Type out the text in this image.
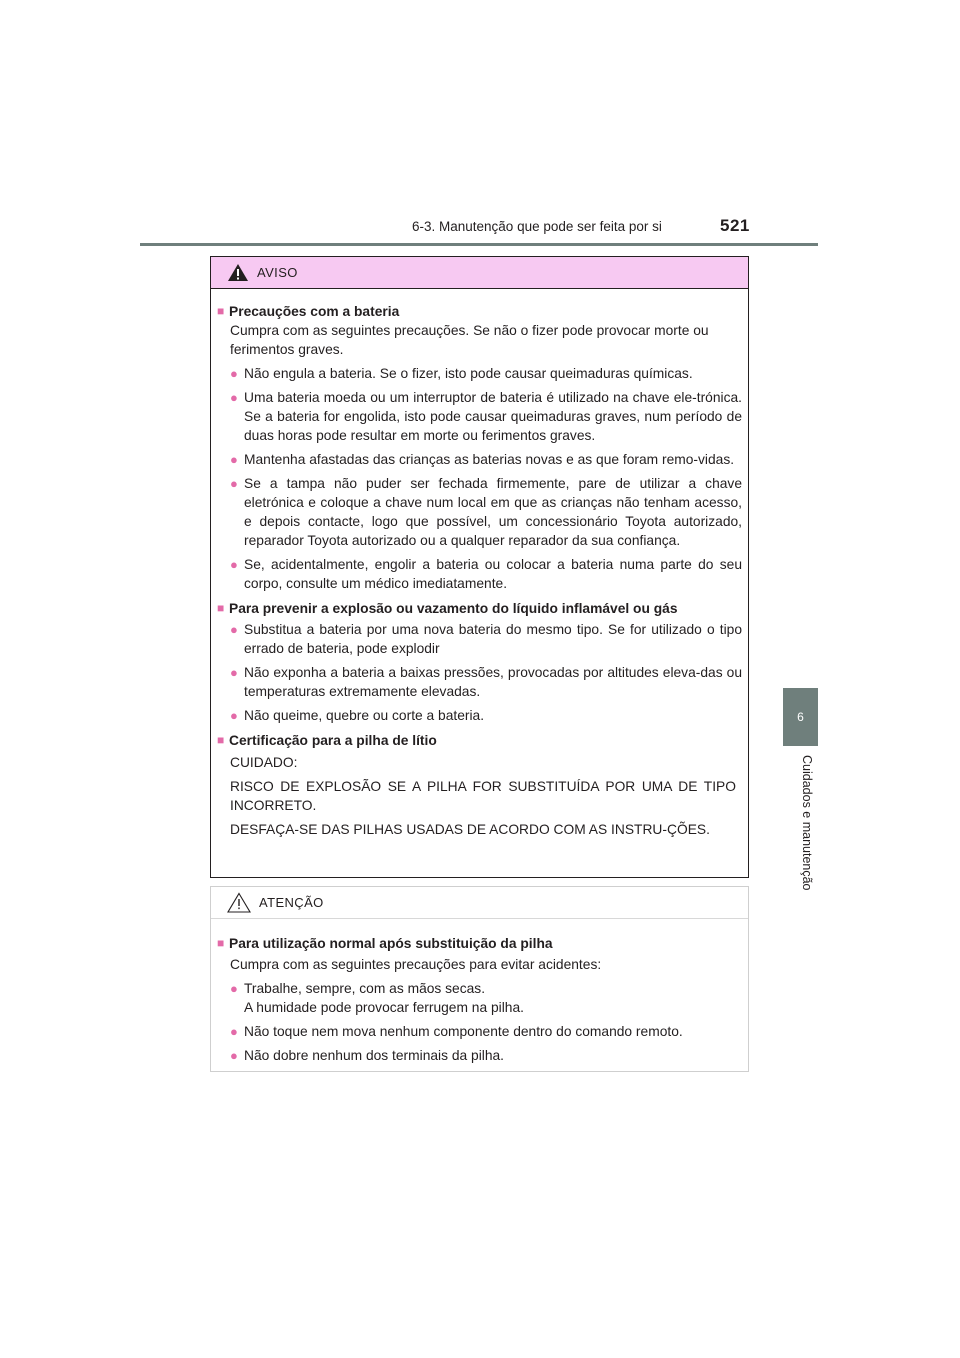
6-3. Manutenção que pode ser feita por si	521
6
Cuidados e manutenção
AVISO
■ Precauções com a bateria
Cumpra com as seguintes precauções. Se não o fizer pode provocar morte ou ferimentos graves.
● Não engula a bateria. Se o fizer, isto pode causar queimaduras químicas.
● Uma bateria moeda ou um interruptor de bateria é utilizado na chave ele-trónica. Se a bateria for engolida, isto pode causar queimaduras graves, num período de duas horas pode resultar em morte ou ferimentos graves.
● Mantenha afastadas das crianças as baterias novas e as que foram remo-vidas.
● Se a tampa não puder ser fechada firmemente, pare de utilizar a chave eletrónica e coloque a chave num local em que as crianças não tenham acesso, e depois contacte, logo que possível, um concessionário Toyota autorizado, reparador Toyota autorizado ou a qualquer reparador da sua confiança.
● Se, acidentalmente, engolir a bateria ou colocar a bateria numa parte do seu corpo, consulte um médico imediatamente.
■ Para prevenir a explosão ou vazamento do líquido inflamável ou gás
● Substitua a bateria por uma nova bateria do mesmo tipo. Se for utilizado o tipo errado de bateria, pode explodir
● Não exponha a bateria a baixas pressões, provocadas por altitudes eleva-das ou temperaturas extremamente elevadas.
● Não queime, quebre ou corte a bateria.
■ Certificação para a pilha de lítio
CUIDADO:
RISCO DE EXPLOSÃO SE A PILHA FOR SUBSTITUÍDA POR UMA DE TIPO INCORRETO.
DESFAÇA-SE DAS PILHAS USADAS DE ACORDO COM AS INSTRU-ÇÕES.
ATENÇÃO
■ Para utilização normal após substituição da pilha
Cumpra com as seguintes precauções para evitar acidentes:
● Trabalhe, sempre, com as mãos secas.
A humidade pode provocar ferrugem na pilha.
● Não toque nem mova nenhum componente dentro do comando remoto.
● Não dobre nenhum dos terminais da pilha.
